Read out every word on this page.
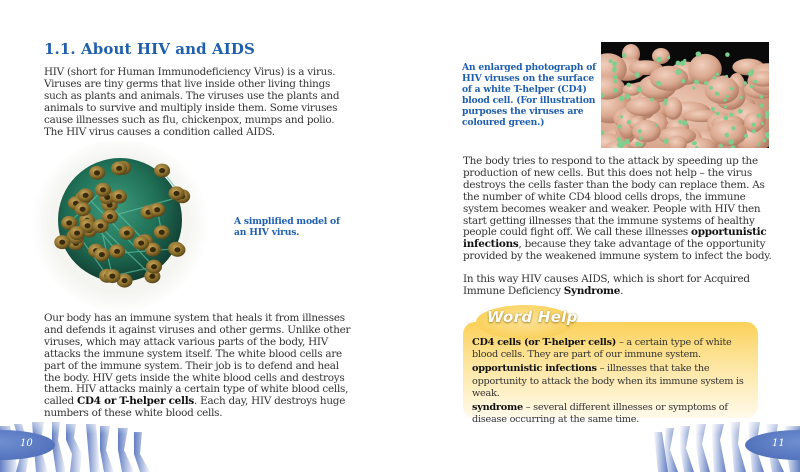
1.1. About HIV and AIDS
HIV (short for Human Immunodeficiency Virus) is a virus. Viruses are tiny germs that live inside other living things such as plants and animals. The viruses use the plants and animals to survive and multiply inside them. Some viruses cause illnesses such as flu, chickenpox, mumps and polio. The HIV virus causes a condition called AIDS.
A simplified model of an HIV virus.
Our body has an immune system that heals it from illnesses and defends it against viruses and other germs. Unlike other viruses, which may attack various parts of the body, HIV attacks the immune system itself. The white blood cells are part of the immune system. Their job is to defend and heal the body. HIV gets inside the white blood cells and destroys them. HIV attacks mainly a certain type of white blood cells, called CD4 or T-helper cells. Each day, HIV destroys huge numbers of these white blood cells.
10
An enlarged photograph of HIV viruses on the surface of a white T-helper (CD4) blood cell. (For illustration purposes the viruses are coloured green.)
The body tries to respond to the attack by speeding up the production of new cells. But this does not help – the virus destroys the cells faster than the body can replace them. As the number of white CD4 blood cells drops, the immune system becomes weaker and weaker. People with HIV then start getting illnesses that the immune systems of healthy people could fight off. We call these illnesses opportunistic infections, because they take advantage of the opportunity provided by the weakened immune system to infect the body.
In this way HIV causes AIDS, which is short for Acquired Immune Deficiency Syndrome.
Word Help
CD4 cells (or T-helper cells) – a certain type of white blood cells. They are part of our immune system.
opportunistic infections – illnesses that take the opportunity to attack the body when its immune system is weak.
syndrome – several different illnesses or symptoms of disease occurring at the same time.
11
